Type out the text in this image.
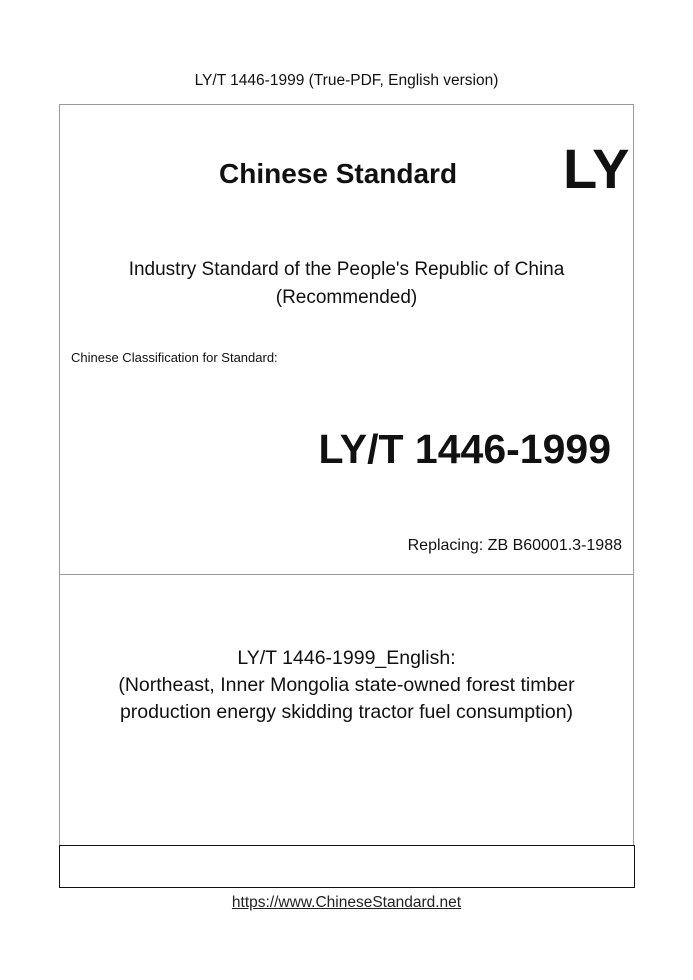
LY/T 1446-1999 (True-PDF, English version)
Chinese Standard LY
Industry Standard of the People's Republic of China
(Recommended)
Chinese Classification for Standard:
LY/T 1446-1999
Replacing: ZB B60001.3-1988
LY/T 1446-1999_English:
(Northeast, Inner Mongolia state-owned forest timber
production energy skidding tractor fuel consumption)
https://www.ChineseStandard.net
